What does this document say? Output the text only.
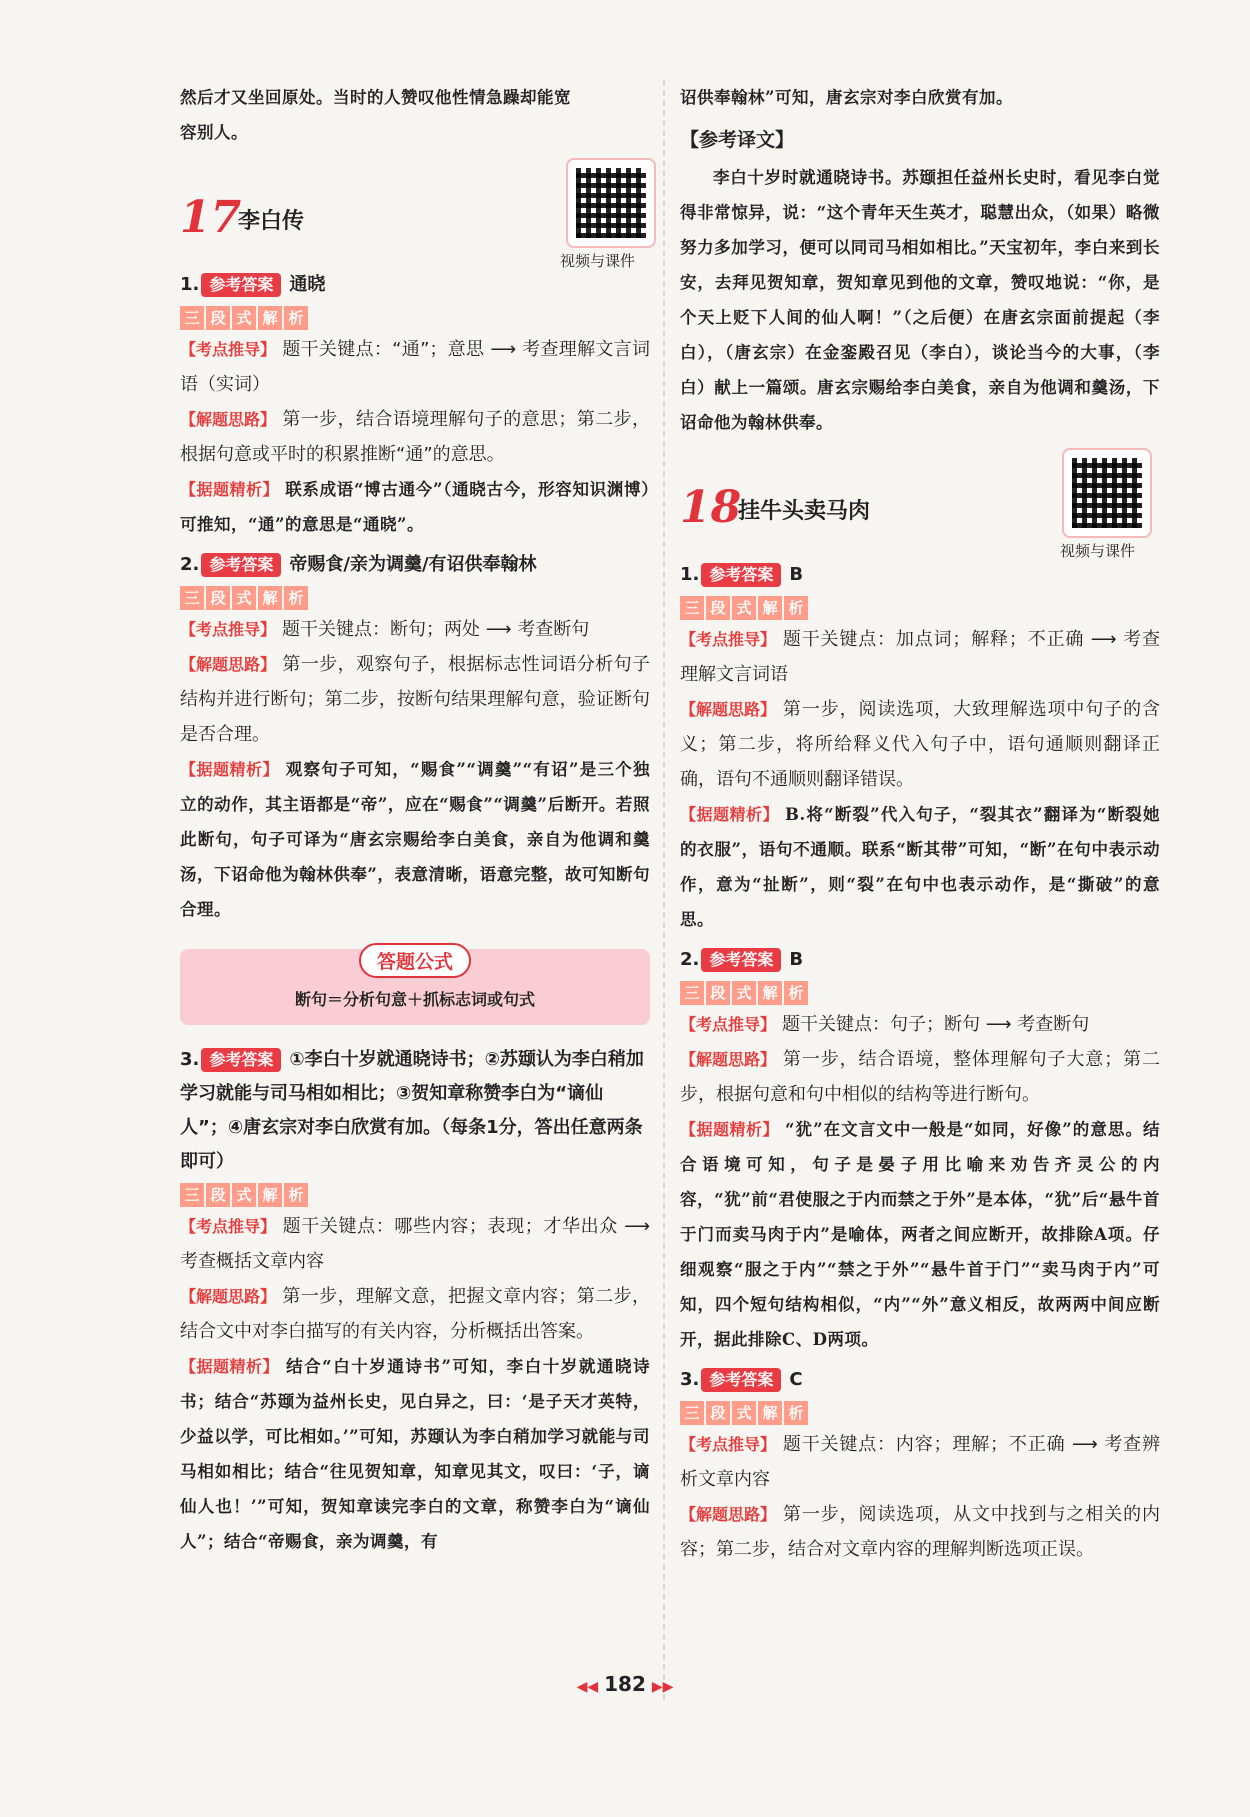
然后才又坐回原处。当时的人赞叹他性情急躁却能宽

容别人。

17
李白传
视频与课件

1. 参考答案 通晓

三 段 式 解 析

【考点推导】 题干关键点：“通”；意思 ⟶ 考查理解文言词语（实词）

【解题思路】 第一步，结合语境理解句子的意思；第二步，根据句意或平时的积累推断“通”的意思。

【据题精析】 联系成语“博古通今”（通晓古今，形容知识渊博）可推知，“通”的意思是“通晓”。

2. 参考答案 帝赐食/亲为调羹/有诏供奉翰林

三 段 式 解 析

【考点推导】 题干关键点：断句；两处 ⟶ 考查断句

【解题思路】 第一步，观察句子，根据标志性词语分析句子结构并进行断句；第二步，按断句结果理解句意，验证断句是否合理。

【据题精析】 观察句子可知，“赐食”“调羹”“有诏”是三个独立的动作，其主语都是“帝”，应在“赐食”“调羹”后断开。若照此断句，句子可译为“唐玄宗赐给李白美食，亲自为他调和羹汤，下诏命他为翰林供奉”，表意清晰，语意完整，故可知断句合理。

答题公式
断句＝分析句意＋抓标志词或句式

3. 参考答案 ①李白十岁就通晓诗书；②苏颋认为李白稍加学习就能与司马相如相比；③贺知章称赞李白为“谪仙人”；④唐玄宗对李白欣赏有加。（每条1分，答出任意两条即可）

三 段 式 解 析

【考点推导】 题干关键点：哪些内容；表现；才华出众 ⟶ 考查概括文章内容

【解题思路】 第一步，理解文意，把握文章内容；第二步，结合文中对李白描写的有关内容，分析概括出答案。

【据题精析】 结合“白十岁通诗书”可知，李白十岁就通晓诗书；结合“苏颋为益州长史，见白异之，曰：‘是子天才英特，少益以学，可比相如。’”可知，苏颋认为李白稍加学习就能与司马相如相比；结合“往见贺知章，知章见其文，叹曰：‘子，谪仙人也！’”可知，贺知章读完李白的文章，称赞李白为“谪仙人”；结合“帝赐食，亲为调羹，有

诏供奉翰林”可知，唐玄宗对李白欣赏有加。

【参考译文】

李白十岁时就通晓诗书。苏颋担任益州长史时，看见李白觉得非常惊异，说：“这个青年天生英才，聪慧出众，（如果）略微努力多加学习，便可以同司马相如相比。”天宝初年，李白来到长安，去拜见贺知章，贺知章见到他的文章，赞叹地说：“你，是个天上贬下人间的仙人啊！”（之后便）在唐玄宗面前提起（李白），（唐玄宗）在金銮殿召见（李白），谈论当今的大事，（李白）献上一篇颂。唐玄宗赐给李白美食，亲自为他调和羹汤，下诏命他为翰林供奉。

18
挂牛头卖马肉
视频与课件

1. 参考答案 B

三 段 式 解 析

【考点推导】 题干关键点：加点词；解释；不正确 ⟶ 考查理解文言词语

【解题思路】 第一步，阅读选项，大致理解选项中句子的含义；第二步，将所给释义代入句子中，语句通顺则翻译正确，语句不通顺则翻译错误。

【据题精析】 B.将“断裂”代入句子，“裂其衣”翻译为“断裂她的衣服”，语句不通顺。联系“断其带”可知，“断”在句中表示动作，意为“扯断”，则“裂”在句中也表示动作，是“撕破”的意思。

2. 参考答案 B

三 段 式 解 析

【考点推导】 题干关键点：句子；断句 ⟶ 考查断句

【解题思路】 第一步，结合语境，整体理解句子大意；第二步，根据句意和句中相似的结构等进行断句。

【据题精析】 “犹”在文言文中一般是“如同，好像”的意思。结合语境可知，句子是晏子用比喻来劝告齐灵公的内容，“犹”前“君使服之于内而禁之于外”是本体，“犹”后“悬牛首于门而卖马肉于内”是喻体，两者之间应断开，故排除A项。仔细观察“服之于内”“禁之于外”“悬牛首于门”“卖马肉于内”可知，四个短句结构相似，“内”“外”意义相反，故两两中间应断开，据此排除C、D两项。

3. 参考答案 C

三 段 式 解 析

【考点推导】 题干关键点：内容；理解；不正确 ⟶ 考查辨析文章内容

【解题思路】 第一步，阅读选项，从文中找到与之相关的内容；第二步，结合对文章内容的理解判断选项正误。

◀◀ 182 ▶▶
